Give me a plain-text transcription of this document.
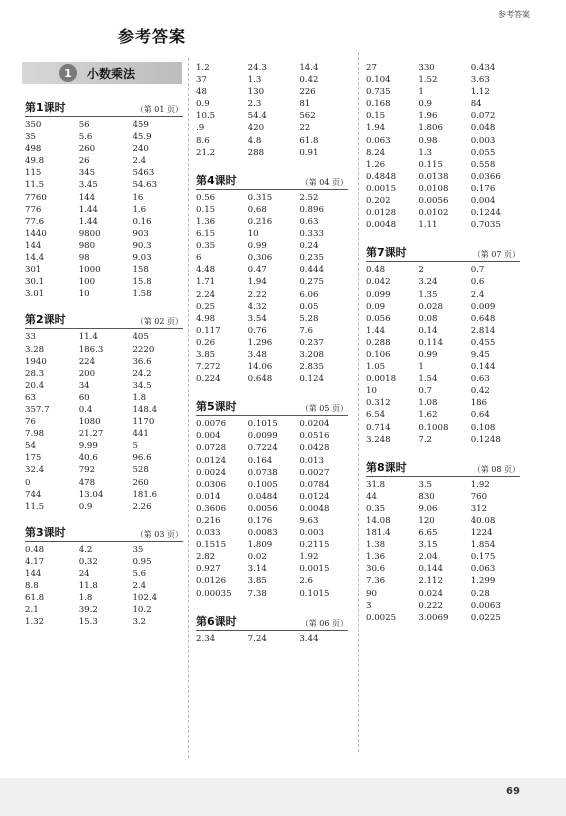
参考答案
参考答案
1	小数乘法
第1课时	（第 01 页）
350	56	459
35	5.6	45.9
498	260	240
49.8	26	2.4
115	345	5463
11.5	3.45	54.63
7760	144	16
776	1.44	1.6
77.6	1.44	0.16
1440	9800	903
144	980	90.3
14.4	98	9.03
301	1000	158
30.1	100	15.8
3.01	10	1.58
第2课时	（第 02 页）
33	11.4	405
3.28	186.3	2220
1940	224	36.6
28.3	200	24.2
20.4	34	34.5
63	60	1.8
357.7	0.4	148.4
76	1080	1170
7.98	21.27	441
54	9.99	5
175	40.6	96.6
32.4	792	528
0	478	260
744	13.04	181.6
11.5	0.9	2.26
第3课时	（第 03 页）
0.48	4.2	35
4.17	0.32	0.95
144	24	5.6
8.8	11.8	2.4
61.8	1.8	102.4
2.1	39.2	10.2
1.32	15.3	3.2
1.2	24.3	14.4
37	1.3	0.42
48	130	226
0.9	2.3	81
10.5	54.4	562
.9	420	22
8.6	4.8	61.8
21.2	288	0.91
第4课时	（第 04 页）
0.56	0.315	2.52
0.15	0.68	0.896
1.36	0.216	0.63
6.15	10	0.333
0.35	0.99	0.24
6	0.306	0.235
4.48	0.47	0.444
1.71	1.94	0.275
2.24	2.22	6.06
0.25	4.32	0.05
4.98	3.54	5.28
0.117	0.76	7.6
0.26	1.296	0.237
3.85	3.48	3.208
7.272	14.06	2.835
0.224	0.648	0.124
第5课时	（第 05 页）
0.0076	0.1015	0.0204
0.004	0.0099	0.0516
0.0728	0.7224	0.0428
0.0124	0.164	0.013
0.0024	0.0738	0.0027
0.0306	0.1005	0.0784
0.014	0.0484	0.0124
0.3606	0.0056	0.0048
0.216	0.176	9.63
0.033	0.0083	0.003
0.1515	1.809	0.2115
2.82	0.02	1.92
0.927	3.14	0.0015
0.0126	3.85	2.6
0.00035	7.38	0.1015
第6课时	（第 06 页）
2.34	7.24	3.44
27	330	0.434
0.104	1.52	3.63
0.735	1	1.12
0.168	0.9	84
0.15	1.96	0.072
1.94	1.806	0.048
0.063	0.98	0.003
8.24	1.3	0.055
1.26	0.115	0.558
0.4848	0.0138	0.0366
0.0015	0.0108	0.176
0.202	0.0056	0.004
0.0128	0.0102	0.1244
0.0048	1.11	0.7035
第7课时	（第 07 页）
0.48	2	0.7
0.042	3.24	0.6
0.099	1.35	2.4
0.09	0.028	0.009
0.056	0.08	0.648
1.44	0.14	2.814
0.288	0.114	0.455
0.106	0.99	9.45
1.05	1	0.144
0.0018	1.54	0.63
10	0.7	0.42
0.312	1.08	186
6.54	1.62	0.64
0.714	0.1008	0.108
3.248	7.2	0.1248
第8课时	（第 08 页）
31.8	3.5	1.92
44	830	760
0.35	9.06	312
14.08	120	40.08
181.4	6.65	1224
1.38	3.15	1.854
1.36	2.04	0.175
30.6	0.144	0.063
7.36	2.112	1.299
90	0.024	0.28
3	0.222	0.0063
0.0025	3.0069	0.0225
69
